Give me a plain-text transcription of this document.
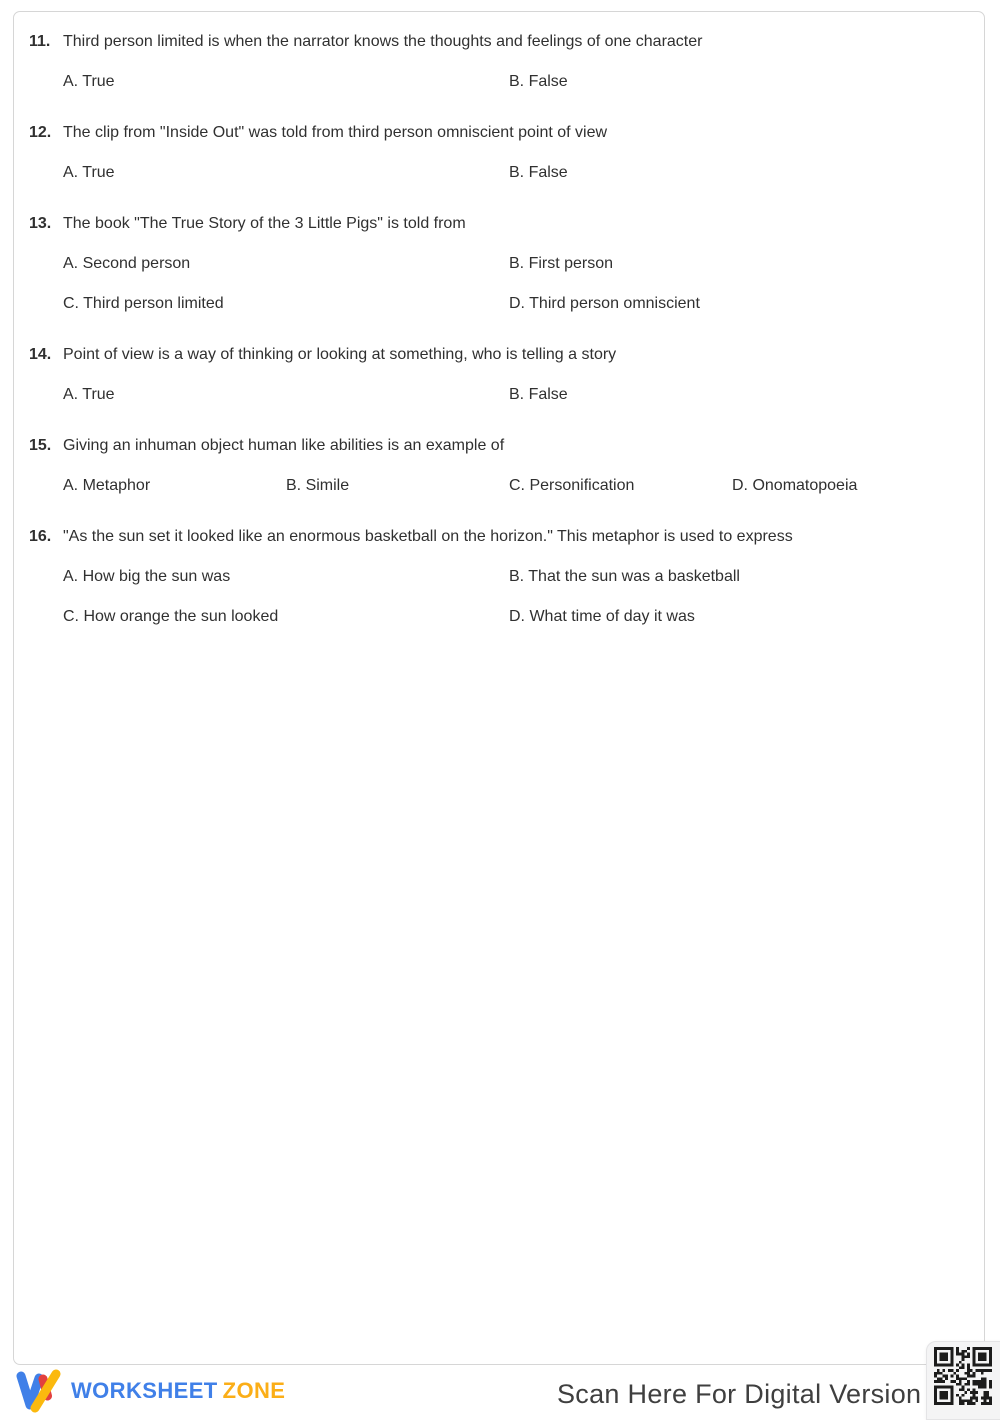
11. Third person limited is when the narrator knows the thoughts and feelings of one character
A. True	B. False
12. The clip from "Inside Out" was told from third person omniscient point of view
A. True	B. False
13. The book "The True Story of the 3 Little Pigs" is told from
A. Second person	B. First person
C. Third person limited	D. Third person omniscient
14. Point of view is a way of thinking or looking at something, who is telling a story
A. True	B. False
15. Giving an inhuman object human like abilities is an example of
A. Metaphor	B. Simile	C. Personification	D. Onomatopoeia
16. "As the sun set it looked like an enormous basketball on the horizon." This metaphor is used to express
A. How big the sun was	B. That the sun was a basketball
C. How orange the sun looked	D. What time of day it was
WORKSHEET ZONE	Scan Here For Digital Version
